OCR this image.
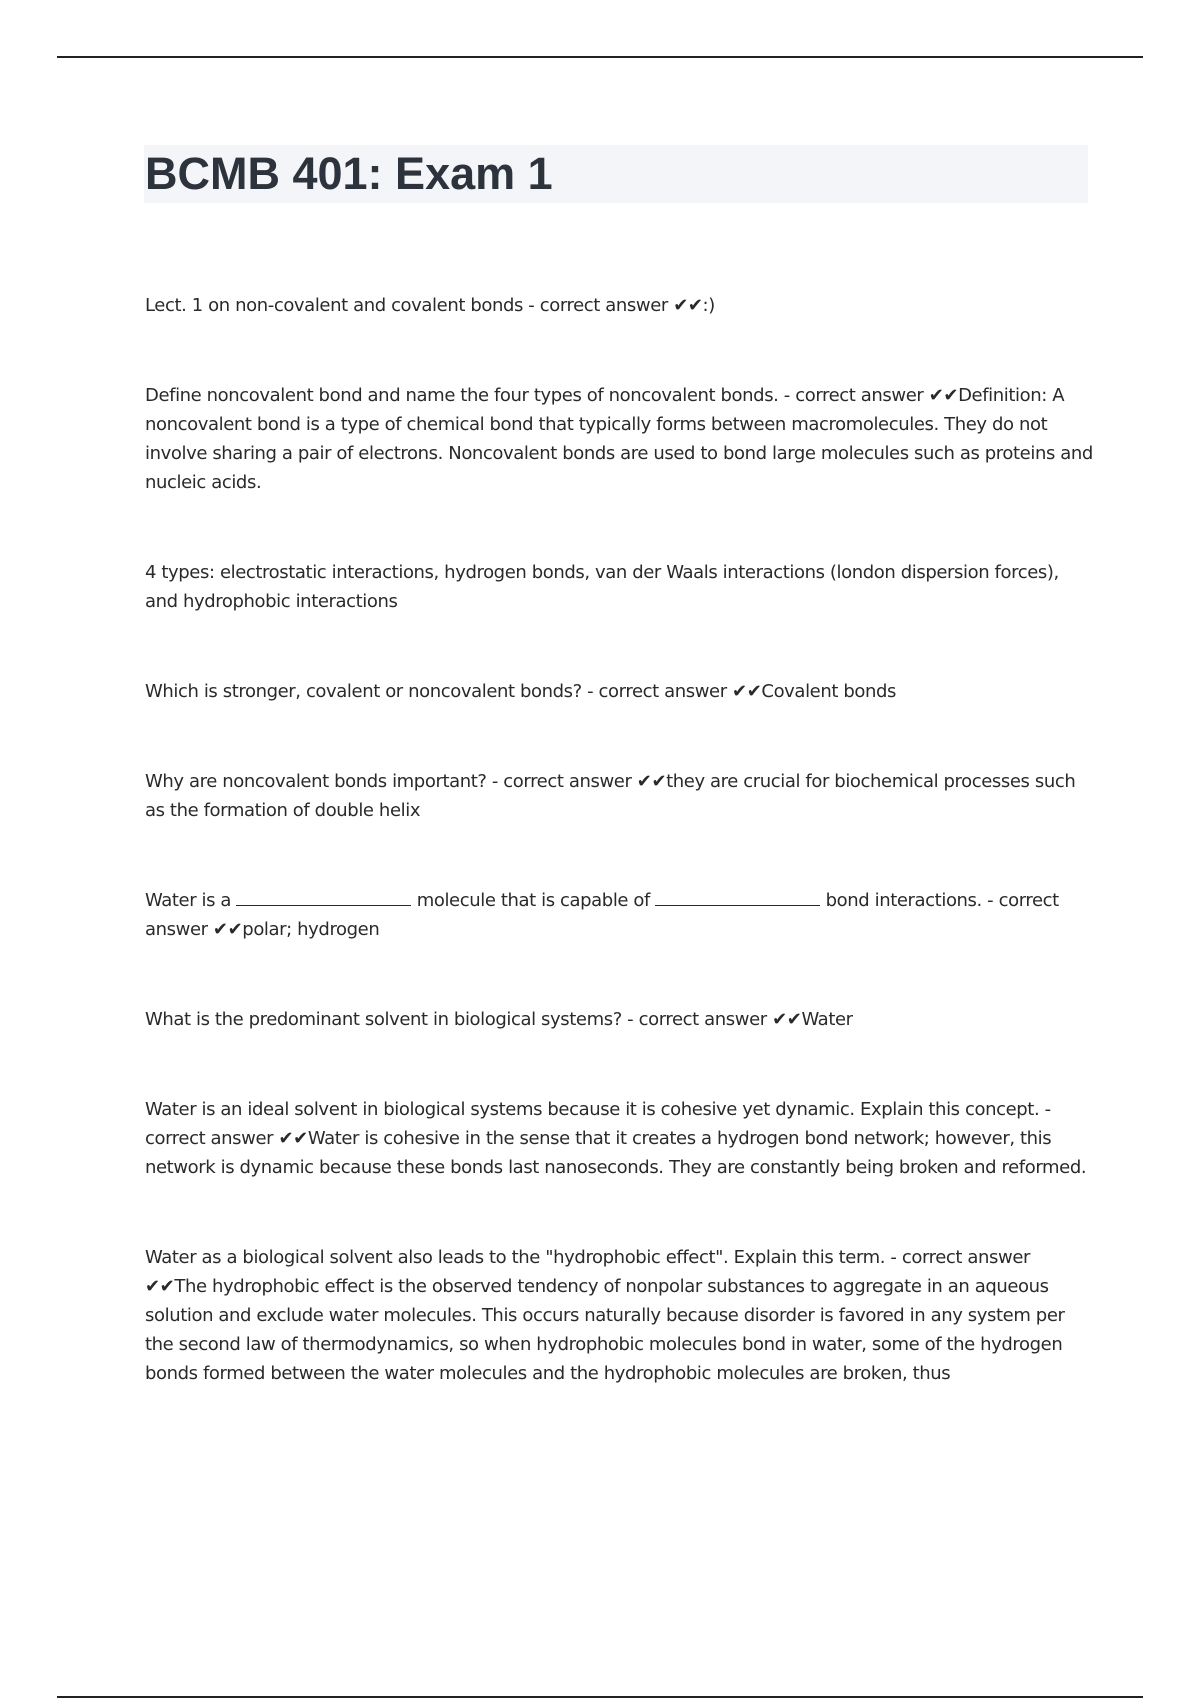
BCMB 401: Exam 1

Lect. 1 on non-covalent and covalent bonds - correct answer ✔✔:)

Define noncovalent bond and name the four types of noncovalent bonds. - correct answer ✔✔Definition: A noncovalent bond is a type of chemical bond that typically forms between macromolecules. They do not involve sharing a pair of electrons. Noncovalent bonds are used to bond large molecules such as proteins and nucleic acids.

4 types: electrostatic interactions, hydrogen bonds, van der Waals interactions (london dispersion forces), and hydrophobic interactions

Which is stronger, covalent or noncovalent bonds? - correct answer ✔✔Covalent bonds

Why are noncovalent bonds important? - correct answer ✔✔they are crucial for biochemical processes such as the formation of double helix

Water is a	molecule that is capable of	bond interactions. - correct answer ✔✔polar; hydrogen

What is the predominant solvent in biological systems? - correct answer ✔✔Water

Water is an ideal solvent in biological systems because it is cohesive yet dynamic. Explain this concept. - correct answer ✔✔Water is cohesive in the sense that it creates a hydrogen bond network; however, this network is dynamic because these bonds last nanoseconds. They are constantly being broken and reformed.

Water as a biological solvent also leads to the "hydrophobic effect". Explain this term. - correct answer ✔✔The hydrophobic effect is the observed tendency of nonpolar substances to aggregate in an aqueous solution and exclude water molecules. This occurs naturally because disorder is favored in any system per the second law of thermodynamics, so when hydrophobic molecules bond in water, some of the hydrogen bonds formed between the water molecules and the hydrophobic molecules are broken, thus
